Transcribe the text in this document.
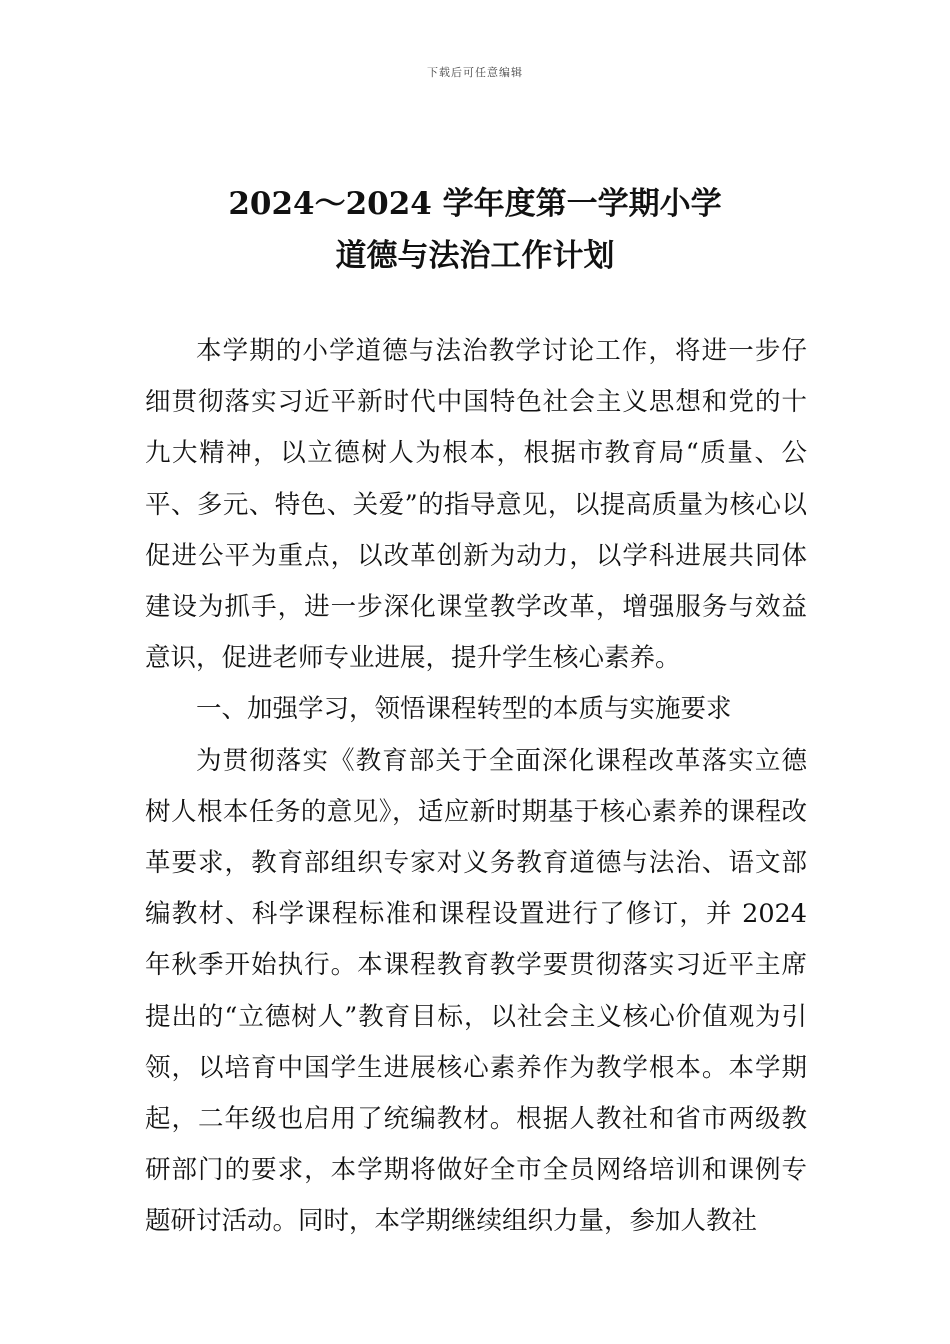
下载后可任意编辑
2024～2024 学年度第一学期小学
道德与法治工作计划

本学期的小学道德与法治教学讨论工作，将进一步仔细贯彻落实习近平新时代中国特色社会主义思想和党的十九大精神，以立德树人为根本，根据市教育局“质量、公平、多元、特色、关爱”的指导意见，以提高质量为核心以促进公平为重点，以改革创新为动力，以学科进展共同体建设为抓手，进一步深化课堂教学改革，增强服务与效益意识，促进老师专业进展，提升学生核心素养。

一、加强学习，领悟课程转型的本质与实施要求

为贯彻落实《教育部关于全面深化课程改革落实立德树人根本任务的意见》，适应新时期基于核心素养的课程改革要求，教育部组织专家对义务教育道德与法治、语文部编教材、科学课程标准和课程设置进行了修订，并 2024 年秋季开始执行。本课程教育教学要贯彻落实习近平主席提出的“立德树人”教育目标，以社会主义核心价值观为引领，以培育中国学生进展核心素养作为教学根本。本学期起，二年级也启用了统编教材。根据人教社和省市两级教研部门的要求，本学期将做好全市全员网络培训和课例专题研讨活动。同时，本学期继续组织力量，参加人教社
